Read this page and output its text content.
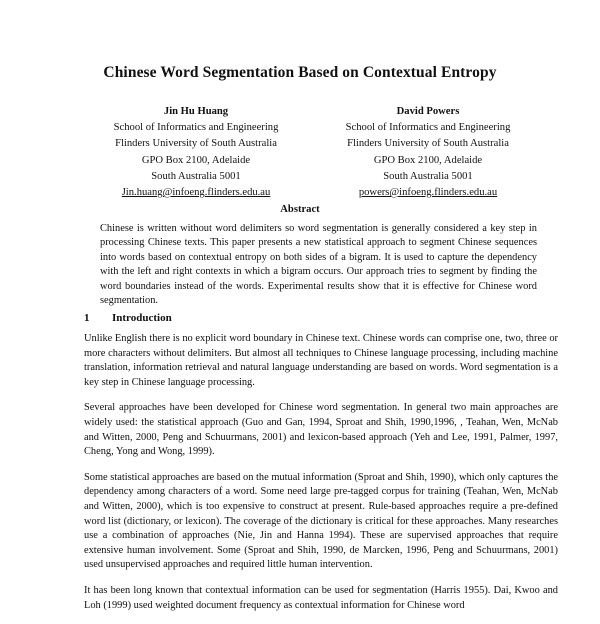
Chinese Word Segmentation Based on Contextual Entropy
Jin Hu Huang
School of Informatics and Engineering
Flinders University of South Australia
GPO Box 2100, Adelaide
South Australia 5001
Jin.huang@infoeng.flinders.edu.au
David Powers
School of Informatics and Engineering
Flinders University of South Australia
GPO Box 2100, Adelaide
South Australia 5001
powers@infoeng.flinders.edu.au
Abstract
Chinese is written without word delimiters so word segmentation is generally considered a key step in processing Chinese texts. This paper presents a new statistical approach to segment Chinese sequences into words based on contextual entropy on both sides of a bigram. It is used to capture the dependency with the left and right contexts in which a bigram occurs. Our approach tries to segment by finding the word boundaries instead of the words. Experimental results show that it is effective for Chinese word segmentation.
1 Introduction

Unlike English there is no explicit word boundary in Chinese text. Chinese words can comprise one, two, three or more characters without delimiters. But almost all techniques to Chinese language processing, including machine translation, information retrieval and natural language understanding are based on words. Word segmentation is a key step in Chinese language processing.

Several approaches have been developed for Chinese word segmentation. In general two main approaches are widely used: the statistical approach (Guo and Gan, 1994, Sproat and Shih, 1990,1996, , Teahan, Wen, McNab and Witten, 2000, Peng and Schuurmans, 2001) and lexicon-based approach (Yeh and Lee, 1991, Palmer, 1997, Cheng, Yong and Wong, 1999).

Some statistical approaches are based on the mutual information (Sproat and Shih, 1990), which only captures the dependency among characters of a word. Some need large pre-tagged corpus for training (Teahan, Wen, McNab and Witten, 2000), which is too expensive to construct at present. Rule-based approaches require a pre-defined word list (dictionary, or lexicon). The coverage of the dictionary is critical for these approaches. Many researches use a combination of approaches (Nie, Jin and Hanna 1994). These are supervised approaches that require extensive human involvement. Some (Sproat and Shih, 1990, de Marcken, 1996, Peng and Schuurmans, 2001) used unsupervised approaches and required little human intervention.

It has been long known that contextual information can be used for segmentation (Harris 1955). Dai, Kwoo and Loh (1999) used weighted document frequency as contextual information for Chinese word
